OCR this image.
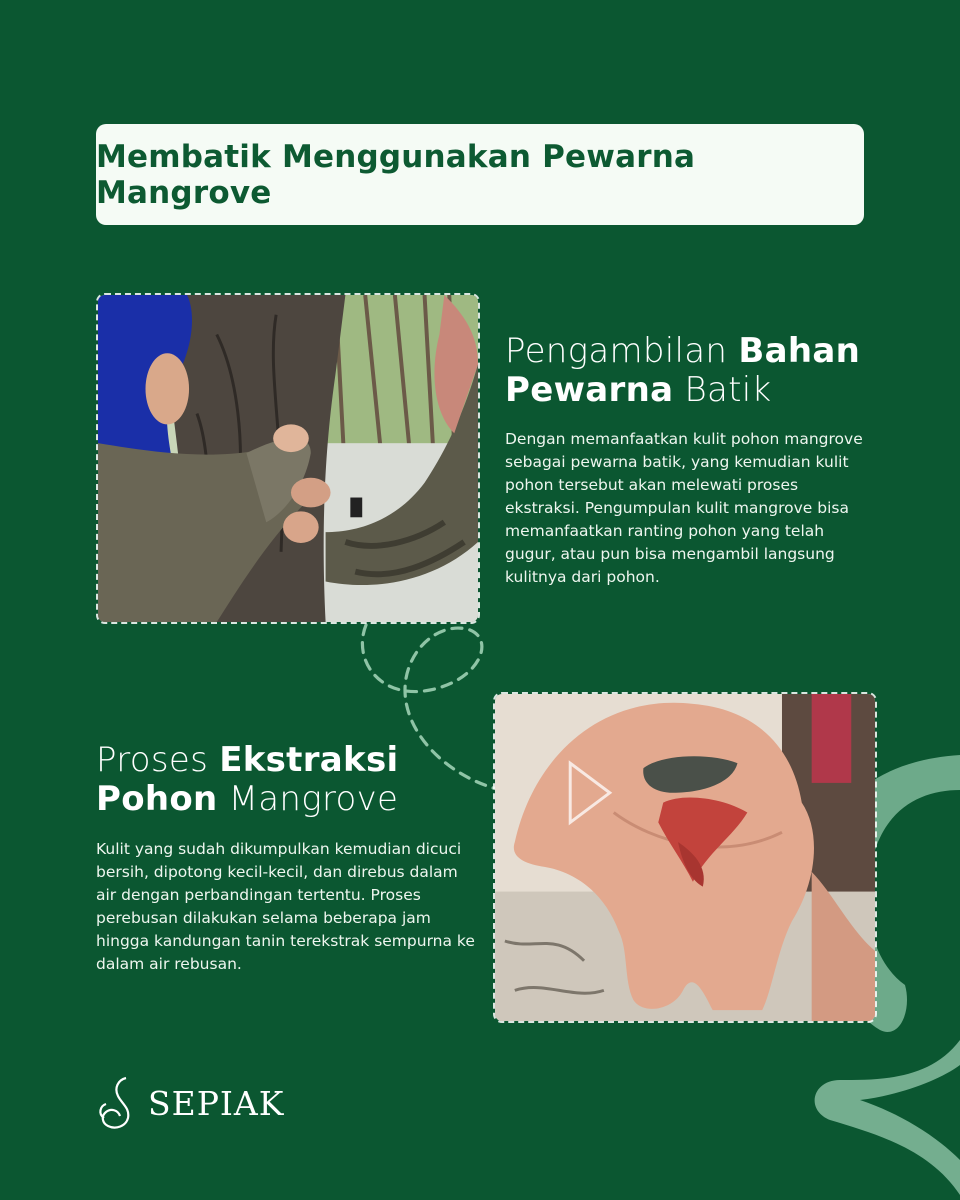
Membatik Menggunakan Pewarna Mangrove
Pengambilan Bahan
Pewarna Batik

Dengan memanfaatkan kulit pohon mangrove sebagai pewarna batik, yang kemudian kulit pohon tersebut akan melewati proses ekstraksi. Pengumpulan kulit mangrove bisa memanfaatkan ranting pohon yang telah gugur, atau pun bisa mengambil langsung kulitnya dari pohon.

Proses Ekstraksi
Pohon Mangrove

Kulit yang sudah dikumpulkan kemudian dicuci bersih, dipotong kecil-kecil, dan direbus dalam air dengan perbandingan tertentu. Proses perebusan dilakukan selama beberapa jam hingga kandungan tanin terekstrak sempurna ke dalam air rebusan.

SEPIAK
